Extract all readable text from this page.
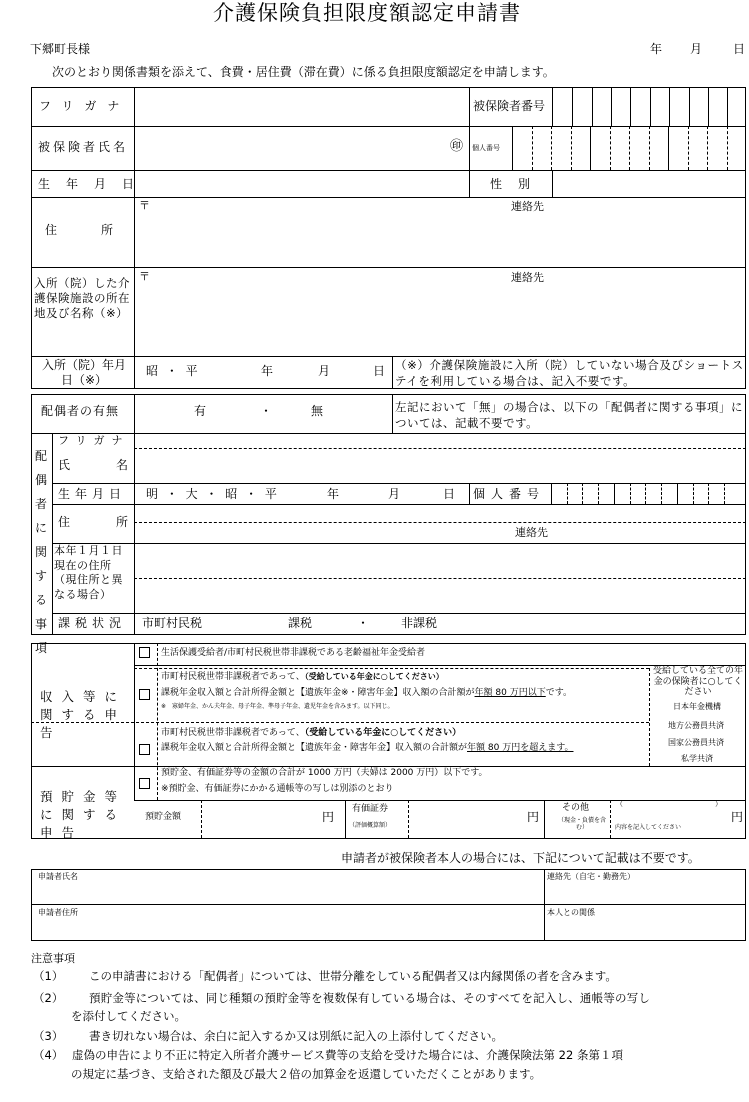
介護保険負担限度額認定申請書
下郷町長様	年 月	日
次のとおり関係書類を添えて、食費・居住費（滞在費）に係る負担限度額認定を申請します。
フリガナ	被保険者番号
被保険者氏名	㊞ 個人番号
生年月日	性別
住所
〒	連絡先
入所（院）した介護保険施設の所在地及び名称（※）
〒	連絡先
入所（院）年月日（※）
昭 ・ 平	年	月	日 （※）介護保険施設に入所（院）していない場合及びショートステイを利用している場合は、記入不要です。
配偶者の有無	有	・	無	左記において「無」の場合は、以下の「配偶者に関する事項」については、記載不要です。
配偶者に関する事項
フリガナ
氏名
生年月日 明 ・ 大 ・ 昭 ・ 平	年	月	日 個人番号
住所
連絡先
本年１月１日現在の住所（現住所と異なる場合）
課税状況 市町村民税	課税	・	非課税
収入等に関する申告
生活保護受給者/市町村民税世帯非課税である老齢福祉年金受給者
市町村民税世帯非課税者であって、（受給している年金に○してください）
課税年金収入額と合計所得金額と【遺族年金※・障害年金】収入額の合計額が年額 80 万円以下です。
※　寡婦年金、かん夫年金、母子年金、準母子年金、遺児年金を含みます。以下同じ。
市町村民税世帯非課税者であって、（受給している年金に○してください）
課税年金収入額と合計所得金額と【遺族年金・障害年金】収入額の合計額が年額 80 万円を超えます。
受給している全ての年金の保険者に○してください
日本年金機構
地方公務員共済
国家公務員共済
私学共済
預貯金等に関する申告
預貯金、有価証券等の金額の合計が 1000 万円（夫婦は 2000 万円）以下です。
※預貯金、有価証券にかかる通帳等の写しは別添のとおり
預貯金額	円
有価証券
（評価概算額）
円
その他
（現金・負債を含む）
（	）
内容を記入してください
円
申請者が被保険者本人の場合には、下記について記載は不要です。
申請者氏名	連絡先（自宅・勤務先）
申請者住所	本人との関係
注意事項
（1） この申請書における「配偶者」については、世帯分離をしている配偶者又は内縁関係の者を含みます。
（2） 預貯金等については、同じ種類の預貯金等を複数保有している場合は、そのすべてを記入し、通帳等の写し
を添付してください。
（3） 書き切れない場合は、余白に記入するか又は別紙に記入の上添付してください。
（4） 虚偽の申告により不正に特定入所者介護サービス費等の支給を受けた場合には、介護保険法第 22 条第１項
の規定に基づき、支給された額及び最大２倍の加算金を返還していただくことがあります。
